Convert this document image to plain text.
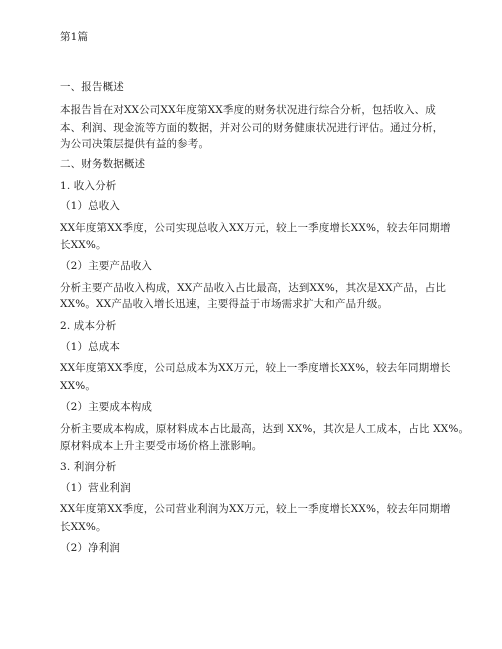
第1篇
一、报告概述
本报告旨在对XX公司XX年度第XX季度的财务状况进行综合分析，包括收入、成
本、利润、现金流等方面的数据，并对公司的财务健康状况进行评估。通过分析，
为公司决策层提供有益的参考。
二、财务数据概述
1. 收入分析
（1）总收入
XX年度第XX季度，公司实现总收入XX万元，较上一季度增长XX%，较去年同期增
长XX%。
（2）主要产品收入
分析主要产品收入构成，XX产品收入占比最高，达到XX%，其次是XX产品，占比
XX%。XX产品收入增长迅速，主要得益于市场需求扩大和产品升级。
2. 成本分析
（1）总成本
XX年度第XX季度，公司总成本为XX万元，较上一季度增长XX%，较去年同期增长
XX%。
（2）主要成本构成
分析主要成本构成，原材料成本占比最高，达到 XX%，其次是人工成本，占比 XX%。
原材料成本上升主要受市场价格上涨影响。
3. 利润分析
（1）营业利润
XX年度第XX季度，公司营业利润为XX万元，较上一季度增长XX%，较去年同期增
长XX%。
（2）净利润
